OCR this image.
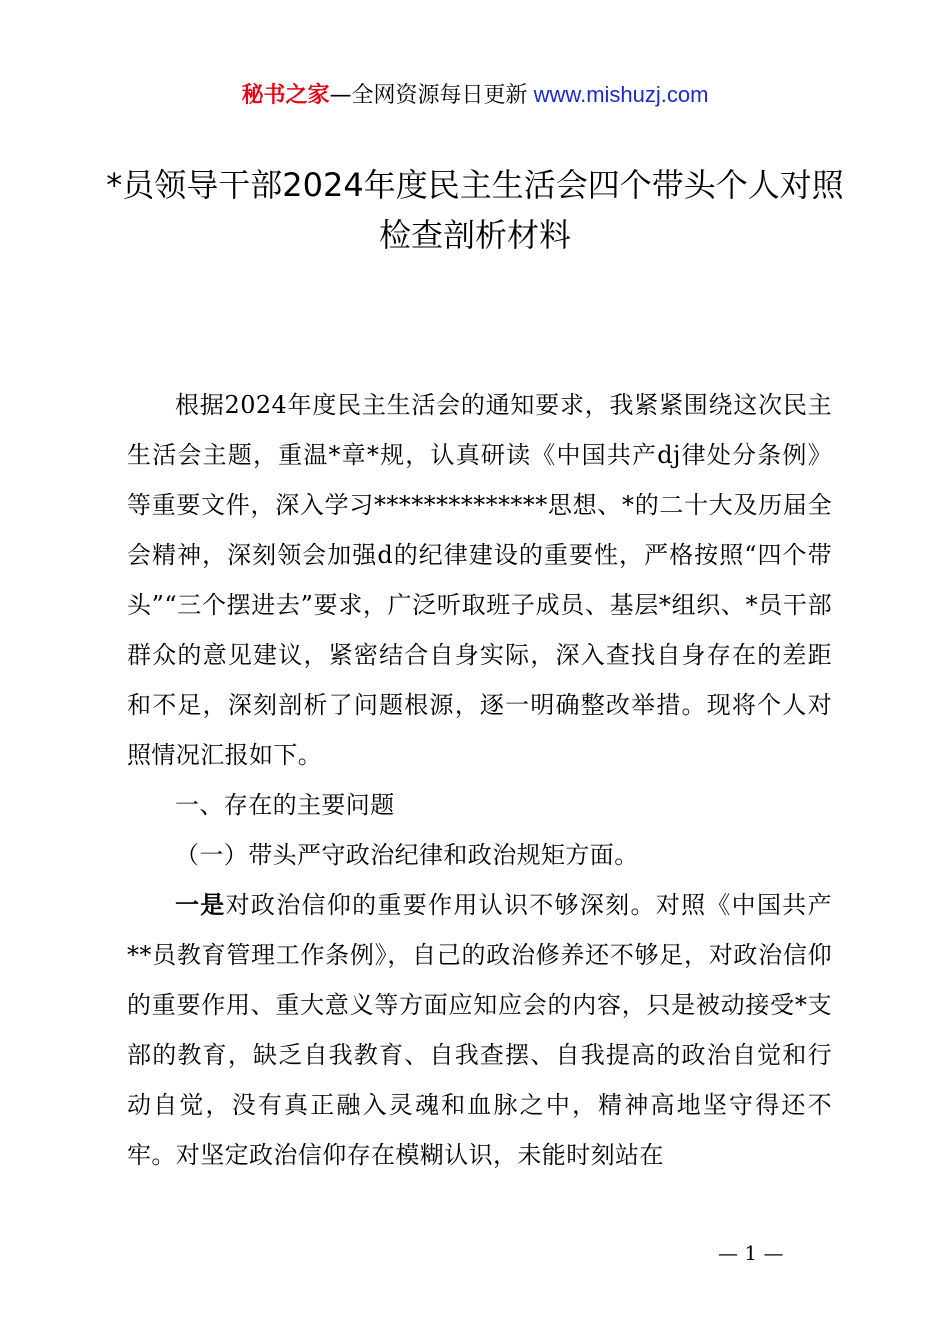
秘书之家—全网资源每日更新 www.mishuzj.com
*员领导干部2024年度民主生活会四个带头个人对照检查剖析材料

根据2024年度民主生活会的通知要求，我紧紧围绕这次民主生活会主题，重温*章*规，认真研读《中国共产dj律处分条例》等重要文件，深入学习**************思想、*的二十大及历届全会精神，深刻领会加强d的纪律建设的重要性，严格按照“四个带头”“三个摆进去”要求，广泛听取班子成员、基层*组织、*员干部群众的意见建议，紧密结合自身实际，深入查找自身存在的差距和不足，深刻剖析了问题根源，逐一明确整改举措。现将个人对照情况汇报如下。

一、存在的主要问题

（一）带头严守政治纪律和政治规矩方面。

一是对政治信仰的重要作用认识不够深刻。对照《中国共产**员教育管理工作条例》，自己的政治修养还不够足，对政治信仰的重要作用、重大意义等方面应知应会的内容，只是被动接受*支部的教育，缺乏自我教育、自我查摆、自我提高的政治自觉和行动自觉，没有真正融入灵魂和血脉之中，精神高地坚守得还不牢。对坚定政治信仰存在模糊认识，未能时刻站在

— 1 —
